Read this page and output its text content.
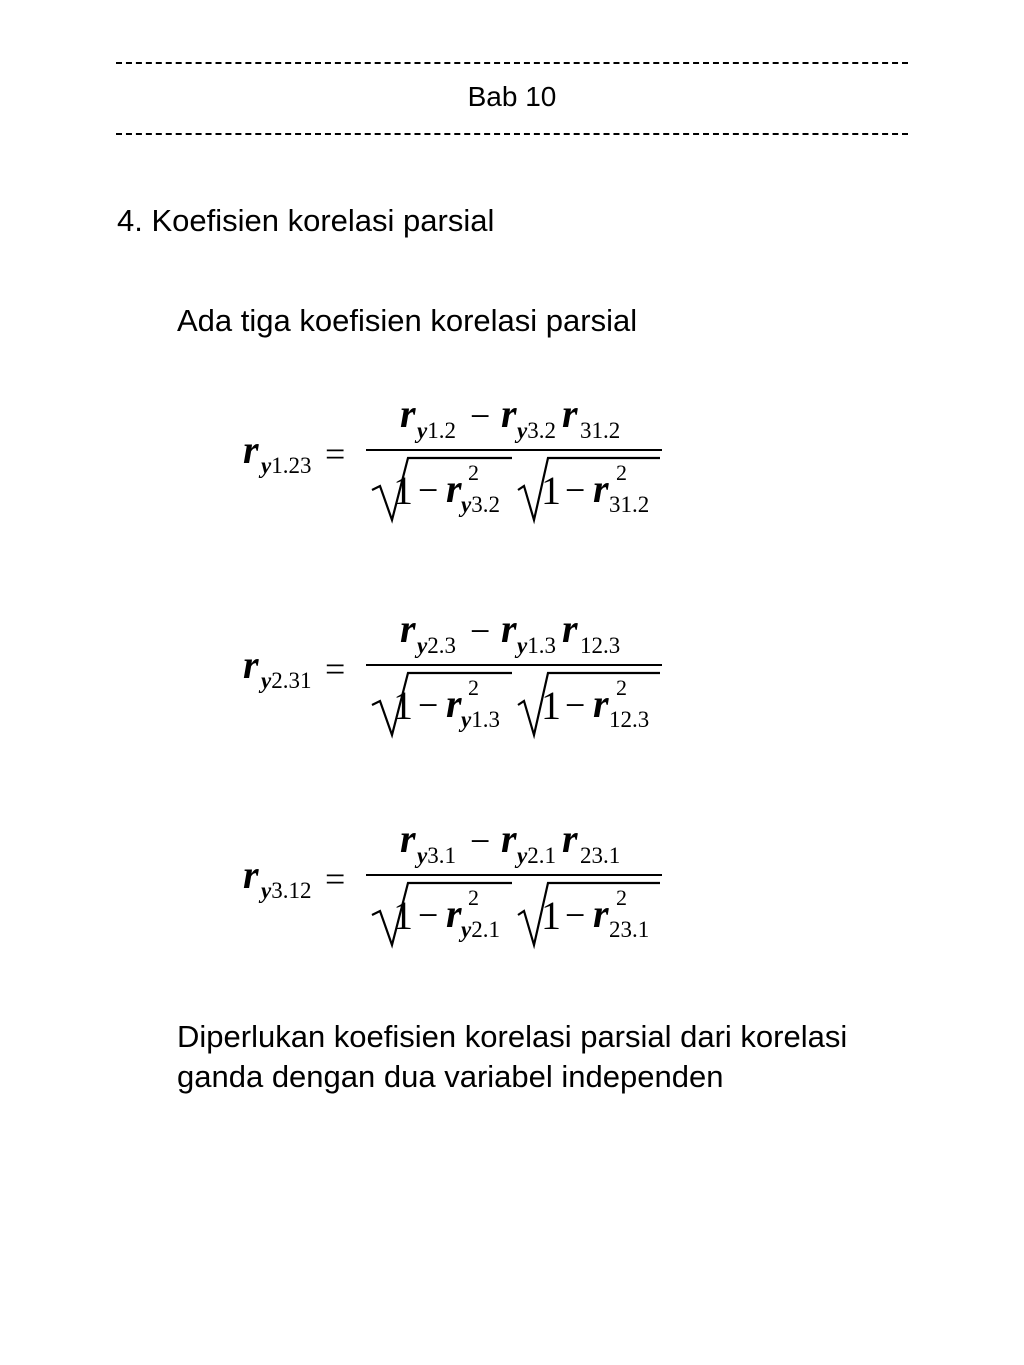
Bab 10
4. Koefisien korelasi parsial
Ada tiga koefisien korelasi parsial
r y1.23 =
r y1.2 − r y3.2 r 31.2
1 − r 2
y3.2 1 − r 2
31.2
r y2.31 =
r y2.3 − r y1.3 r 12.3
1 − r 2
y1.3 1 − r 2
12.3
r y3.12 =
r y3.1 − r y2.1 r 23.1
1 − r 2
y2.1 1 − r 2
23.1
Diperlukan koefisien korelasi parsial dari korelasi ganda dengan dua variabel independen
